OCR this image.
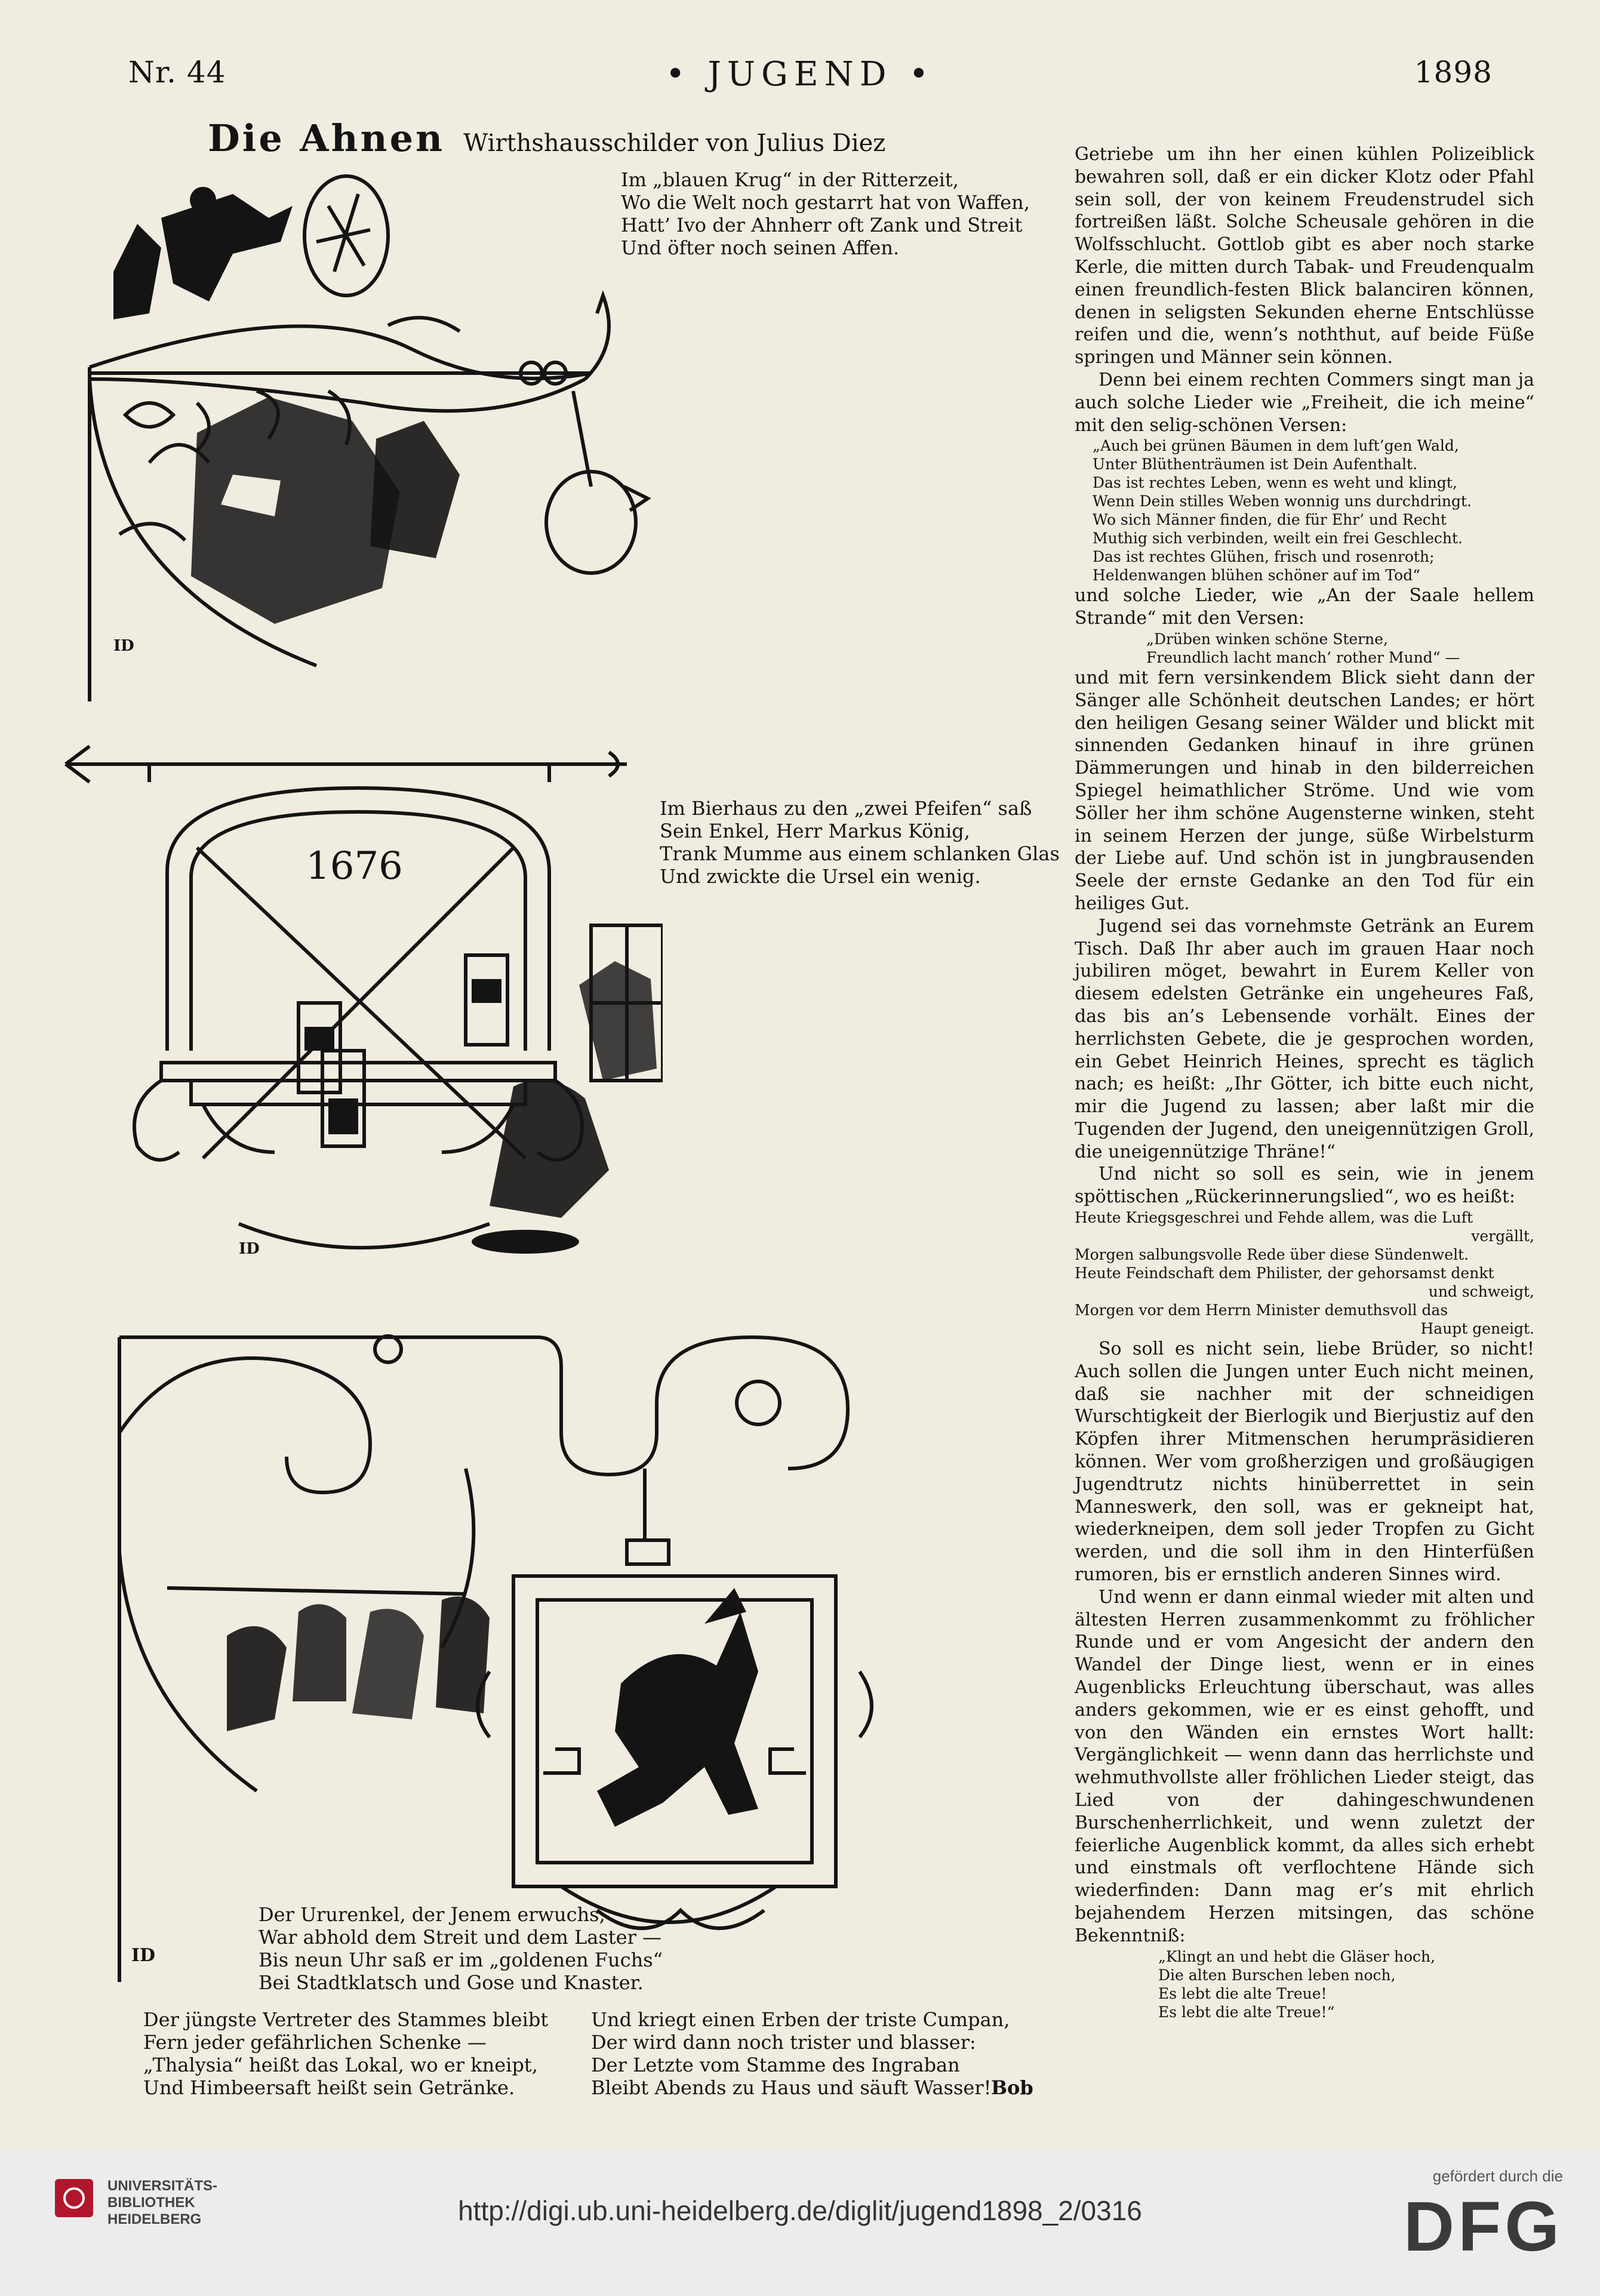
Nr. 44	• JUGEND •	1898
Die Ahnen Wirthshausschilder von Julius Diez
MAB
ID
Im „blauen Krug“ in der Ritterzeit,
Wo die Welt noch gestarrt hat von Waffen,
Hatt’ Ivo der Ahnherr oft Zank und Streit
Und öfter noch seinen Affen.
1676
ID
Im Bierhaus zu den „zwei Pfeifen“ saß
Sein Enkel, Herr Markus König,
Trank Mumme aus einem schlanken Glas
Und zwickte die Ursel ein wenig.
ID
Der Ururenkel, der Jenem erwuchs,
War abhold dem Streit und dem Laster —
Bis neun Uhr saß er im „goldenen Fuchs“
Bei Stadtklatsch und Gose und Knaster.
Der jüngste Vertreter des Stammes bleibt
Fern jeder gefährlichen Schenke —
„Thalysia“ heißt das Lokal, wo er kneipt,
Und Himbeersaft heißt sein Getränke.
Und kriegt einen Erben der triste Cumpan,
Der wird dann noch trister und blasser:
Der Letzte vom Stamme des Ingraban
Bleibt Abends zu Haus und säuft Wasser! Bob

Getriebe um ihn her einen kühlen Polizeiblick bewahren soll, daß er ein dicker Klotz oder Pfahl sein soll, der von keinem Freudenstrudel sich fortreißen läßt. Solche Scheusale gehören in die Wolfsschlucht. Gottlob gibt es aber noch starke Kerle, die mitten durch Tabak- und Freudenqualm einen freundlich-festen Blick balanciren können, denen in seligsten Sekunden eherne Entschlüsse reifen und die, wenn’s noththut, auf beide Füße springen und Männer sein können.

Denn bei einem rechten Commers singt man ja auch solche Lieder wie „Freiheit, die ich meine“ mit den selig-schönen Versen:

„Auch bei grünen Bäumen in dem luft’gen Wald,
Unter Blüthenträumen ist Dein Aufenthalt.
Das ist rechtes Leben, wenn es weht und klingt,
Wenn Dein stilles Weben wonnig uns durchdringt.
Wo sich Männer finden, die für Ehr’ und Recht
Muthig sich verbinden, weilt ein frei Geschlecht.
Das ist rechtes Glühen, frisch und rosenroth;
Heldenwangen blühen schöner auf im Tod“

und solche Lieder, wie „An der Saale hellem Strande“ mit den Versen:

„Drüben winken schöne Sterne,
Freundlich lacht manch’ rother Mund“ —

und mit fern versinkendem Blick sieht dann der Sänger alle Schönheit deutschen Landes; er hört den heiligen Gesang seiner Wälder und blickt mit sinnenden Gedanken hinauf in ihre grünen Dämmerungen und hinab in den bilderreichen Spiegel heimathlicher Ströme. Und wie vom Söller her ihm schöne Augensterne winken, steht in seinem Herzen der junge, süße Wirbelsturm der Liebe auf. Und schön ist in jungbrausenden Seele der ernste Gedanke an den Tod für ein heiliges Gut.

Jugend sei das vornehmste Getränk an Eurem Tisch. Daß Ihr aber auch im grauen Haar noch jubiliren möget, bewahrt in Eurem Keller von diesem edelsten Getränke ein ungeheures Faß, das bis an’s Lebensende vorhält. Eines der herrlichsten Gebete, die je gesprochen worden, ein Gebet Heinrich Heines, sprecht es täglich nach; es heißt: „Ihr Götter, ich bitte euch nicht, mir die Jugend zu lassen; aber laßt mir die Tugenden der Jugend, den uneigennützigen Groll, die uneigennützige Thräne!“

Und nicht so soll es sein, wie in jenem spöttischen „Rückerinnerungslied“, wo es heißt:

Heute Kriegsgeschrei und Fehde allem, was die Luft
vergällt,
Morgen salbungsvolle Rede über diese Sündenwelt.
Heute Feindschaft dem Philister, der gehorsamst denkt
und schweigt,
Morgen vor dem Herrn Minister demuthsvoll das
Haupt geneigt.

So soll es nicht sein, liebe Brüder, so nicht! Auch sollen die Jungen unter Euch nicht meinen, daß sie nachher mit der schneidigen Wurschtigkeit der Bierlogik und Bierjustiz auf den Köpfen ihrer Mitmenschen herumpräsidieren können. Wer vom großherzigen und großäugigen Jugendtrutz nichts hinüberrettet in sein Manneswerk, den soll, was er gekneipt hat, wiederkneipen, dem soll jeder Tropfen zu Gicht werden, und die soll ihm in den Hinterfüßen rumoren, bis er ernstlich anderen Sinnes wird.

Und wenn er dann einmal wieder mit alten und ältesten Herren zusammenkommt zu fröhlicher Runde und er vom Angesicht der andern den Wandel der Dinge liest, wenn er in eines Augenblicks Erleuchtung überschaut, was alles anders gekommen, wie er es einst gehofft, und von den Wänden ein ernstes Wort hallt: Vergänglichkeit — wenn dann das herrlichste und wehmuthvollste aller fröhlichen Lieder steigt, das Lied von der dahingeschwundenen Burschenherrlichkeit, und wenn zuletzt der feierliche Augenblick kommt, da alles sich erhebt und einstmals oft verflochtene Hände sich wiederfinden: Dann mag er’s mit ehrlich bejahendem Herzen mitsingen, das schöne Bekenntniß:

„Klingt an und hebt die Gläser hoch,
Die alten Burschen leben noch,
Es lebt die alte Treue!
Es lebt die alte Treue!“
UNIVERSITÄTS-
BIBLIOTHEK
HEIDELBERG	http://digi.ub.uni-heidelberg.de/diglit/jugend1898_2/0316
gefördert durch die
DFG
